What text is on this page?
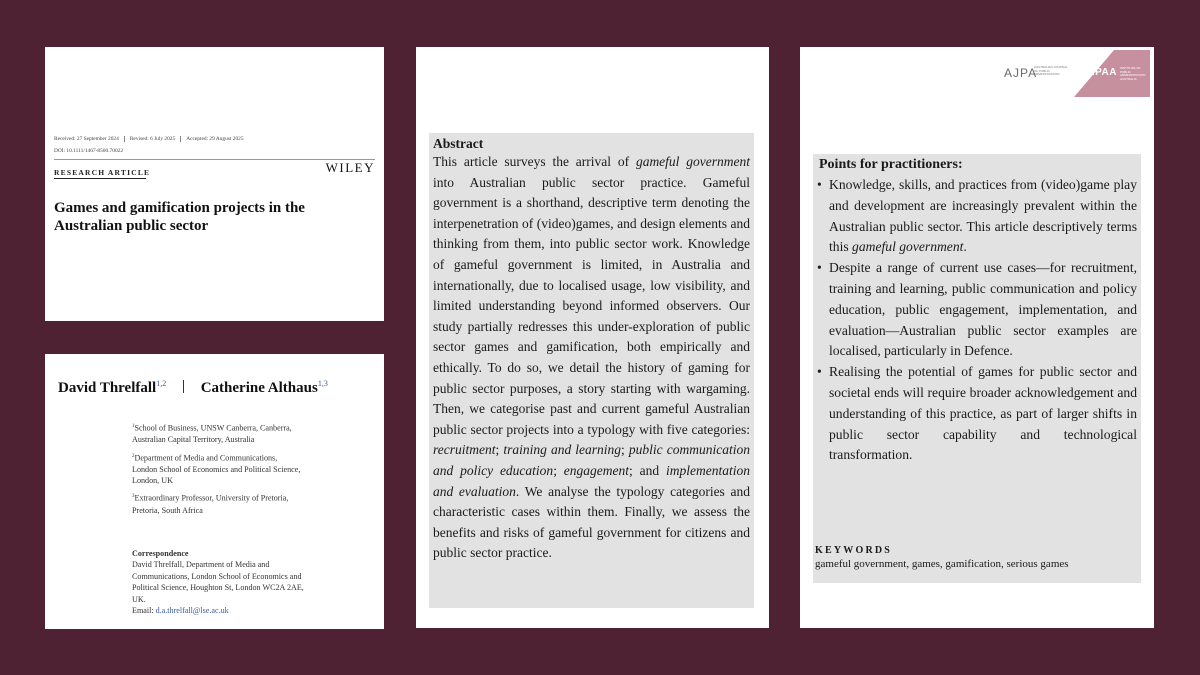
Received: 27 September 2024 Revised: 6 July 2025 Accepted: 29 August 2025
DOI: 10.1111/1467-8500.70022
RESEARCH ARTICLE	WILEY
Games and gamification projects in the Australian public sector
David Threlfall$^{1,2}$ Catherine Althaus$^{1,3}$
$^1$School of Business, UNSW Canberra, Canberra, Australian Capital Territory, Australia
$^2$Department of Media and Communications, London School of Economics and Political Science, London, UK
$^3$Extraordinary Professor, University of Pretoria, Pretoria, South Africa
Correspondence
David Threlfall, Department of Media and Communications, London School of Economics and Political Science, Houghton St, London WC2A 2AE, UK.
Email: d.a.threlfall@lse.ac.uk
Abstract

This article surveys the arrival of gameful government into Australian public sector practice. Gameful government is a shorthand, descriptive term denoting the interpenetration of (video)games, and design elements and thinking from them, into public sector work. Knowledge of gameful government is limited, in Australia and internationally, due to localised usage, low visibility, and limited understanding beyond informed observers. Our study partially redresses this under-exploration of public sector games and gamification, both empirically and ethically. To do so, we detail the history of gaming for public sector purposes, a story starting with wargaming. Then, we categorise past and current gameful Australian public sector projects into a typology with five categories: recruitment; training and learning; public communication and policy education; engagement; and implementation and evaluation. We analyse the typology categories and characteristic cases within them. Finally, we assess the benefits and risks of gameful government for citizens and public sector practice.

AJPA
AUSTRALIAN JOURNAL OF PUBLIC ADMINISTRATION	IPAA INSTITUTE OF PUBLIC ADMINISTRATION AUSTRALIA
Points for practitioners:
• Knowledge, skills, and practices from (video)game play and development are increasingly prevalent within the Australian public sector. This article descriptively terms this gameful government.
• Despite a range of current use cases—for recruitment, training and learning, public communication and policy education, public engagement, implementation, and evaluation—Australian public sector examples are localised, particularly in Defence.
• Realising the potential of games for public sector and societal ends will require broader acknowledgement and understanding of this practice, as part of larger shifts in public sector capability and technological transformation.
KEYWORDS
gameful government, games, gamification, serious games
